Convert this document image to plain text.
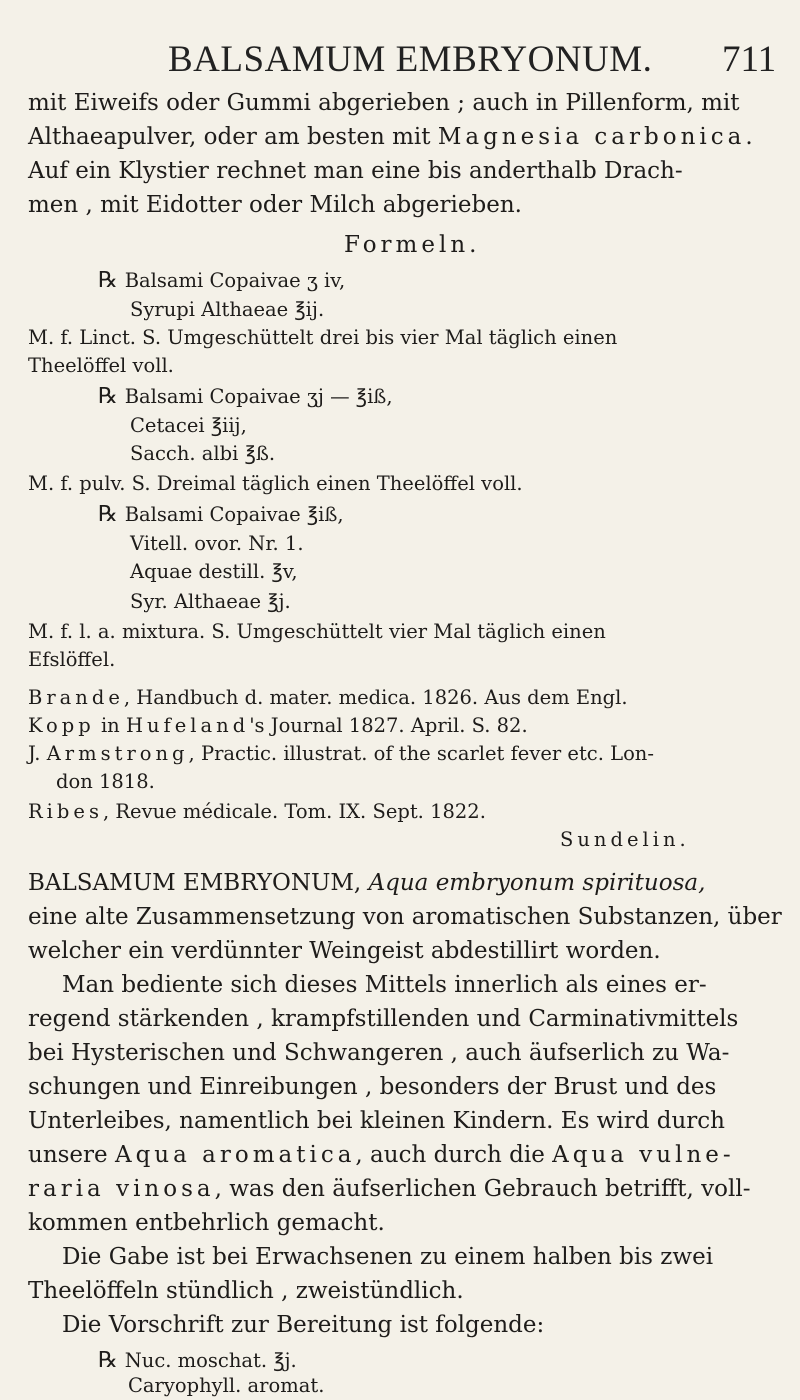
BALSAMUM EMBRYONUM. 711
mit Eiweifs oder Gummi abgerieben ; auch in Pillenform, mit
Althaeapulver, oder am besten mit Magnesia carbonica.
Auf ein Klystier rechnet man eine bis anderthalb Drach-
men , mit Eidotter oder Milch abgerieben.
Formeln.
℞ Balsami Copaivae ʒ iv,
Syrupi Althaeae ℥ij.
M. f. Linct. S. Umgeschüttelt drei bis vier Mal täglich einen
Theelöffel voll.
℞ Balsami Copaivae ʒj — ℥iß,
Cetacei ℥iij,
Sacch. albi ℥ß.
M. f. pulv. S. Dreimal täglich einen Theelöffel voll.
℞ Balsami Copaivae ℥iß,
Vitell. ovor. Nr. 1.
Aquae destill. ℥v,
Syr. Althaeae ℥j.
M. f. l. a. mixtura. S. Umgeschüttelt vier Mal täglich einen
Efslöffel.
Brande, Handbuch d. mater. medica. 1826. Aus dem Engl.
Kopp in Hufeland's Journal 1827. April. S. 82.
J. Armstrong, Practic. illustrat. of the scarlet fever etc. Lon-
don 1818.
Ribes, Revue médicale. Tom. IX. Sept. 1822.
Sundelin.
BALSAMUM EMBRYONUM, Aqua embryonum spirituosa,
eine alte Zusammensetzung von aromatischen Substanzen, über
welcher ein verdünnter Weingeist abdestillirt worden.
Man bediente sich dieses Mittels innerlich als eines er-
regend stärkenden , krampfstillenden und Carminativmittels
bei Hysterischen und Schwangeren , auch äufserlich zu Wa-
schungen und Einreibungen , besonders der Brust und des
Unterleibes, namentlich bei kleinen Kindern. Es wird durch
unsere Aqua aromatica, auch durch die Aqua vulne-
raria vinosa, was den äufserlichen Gebrauch betrifft, voll-
kommen entbehrlich gemacht.
Die Gabe ist bei Erwachsenen zu einem halben bis zwei
Theelöffeln stündlich , zweistündlich.
Die Vorschrift zur Bereitung ist folgende:
℞ Nuc. moschat. ℥j.
Caryophyll. aromat.
